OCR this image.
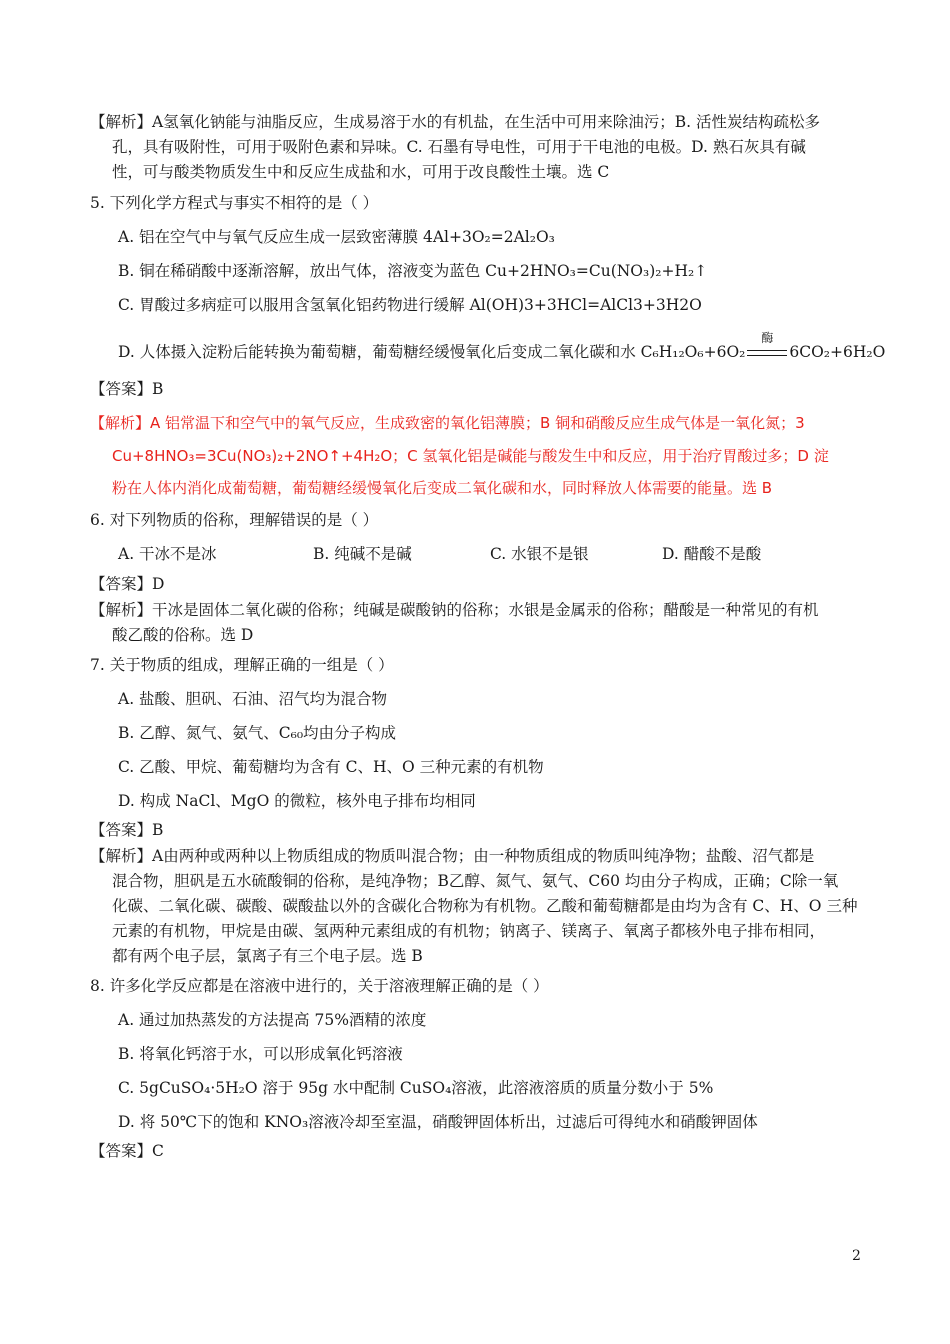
【解析】A氢氧化钠能与油脂反应，生成易溶于水的有机盐，在生活中可用来除油污；B. 活性炭结构疏松多
孔，具有吸附性，可用于吸附色素和异味。C. 石墨有导电性，可用于干电池的电极。D. 熟石灰具有碱
性，可与酸类物质发生中和反应生成盐和水，可用于改良酸性土壤。选 C
5. 下列化学方程式与事实不相符的是（ ）
A. 铝在空气中与氧气反应生成一层致密薄膜 4Al+3O₂=2Al₂O₃
B. 铜在稀硝酸中逐渐溶解，放出气体，溶液变为蓝色 Cu+2HNO₃=Cu(NO₃)₂+H₂↑
C. 胃酸过多病症可以服用含氢氧化铝药物进行缓解 Al(OH)3+3HCl=AlCl3+3H2O
【答案】B
6. 对下列物质的俗称，理解错误的是（ ）
【答案】D
【解析】干冰是固体二氧化碳的俗称；纯碱是碳酸钠的俗称；水银是金属汞的俗称；醋酸是一种常见的有机
酸乙酸的俗称。选 D
7. 关于物质的组成，理解正确的一组是（ ）
A. 盐酸、胆矾、石油、沼气均为混合物
B. 乙醇、氮气、氨气、C₆₀均由分子构成
C. 乙酸、甲烷、葡萄糖均为含有 C、H、O 三种元素的有机物
D. 构成 NaCl、MgO 的微粒，核外电子排布均相同
【答案】B
【解析】A由两种或两种以上物质组成的物质叫混合物；由一种物质组成的物质叫纯净物；盐酸、沼气都是
混合物，胆矾是五水硫酸铜的俗称，是纯净物；B乙醇、氮气、氨气、C60 均由分子构成，正确；C除一氧
化碳、二氧化碳、碳酸、碳酸盐以外的含碳化合物称为有机物。乙酸和葡萄糖都是由均为含有 C、H、O 三种
元素的有机物，甲烷是由碳、氢两种元素组成的有机物；钠离子、镁离子、氧离子都核外电子排布相同，
都有两个电子层，氯离子有三个电子层。选 B
8. 许多化学反应都是在溶液中进行的，关于溶液理解正确的是（ ）
A. 通过加热蒸发的方法提高 75%酒精的浓度
B. 将氧化钙溶于水，可以形成氧化钙溶液
C. 5gCuSO₄·5H₂O 溶于 95g 水中配制 CuSO₄溶液，此溶液溶质的质量分数小于 5%
D. 将 50℃下的饱和 KNO₃溶液冷却至室温，硝酸钾固体析出，过滤后可得纯水和硝酸钾固体
【答案】C
【解析】A 铝常温下和空气中的氧气反应，生成致密的氧化铝薄膜；B 铜和硝酸反应生成气体是一氧化氮；3
Cu+8HNO₃=3Cu(NO₃)₂+2NO↑+4H₂O；C 氢氧化铝是碱能与酸发生中和反应，用于治疗胃酸过多；D 淀
粉在人体内消化成葡萄糖，葡萄糖经缓慢氧化后变成二氧化碳和水，同时释放人体需要的能量。选 B
A. 干冰不是冰	B. 纯碱不是碱	C. 水银不是银	D. 醋酸不是酸
D. 人体摄入淀粉后能转换为葡萄糖，葡萄糖经缓慢氧化后变成二氧化碳和水 C₆H₁₂O₆+6O₂
酶
6CO₂+6H₂O
2
